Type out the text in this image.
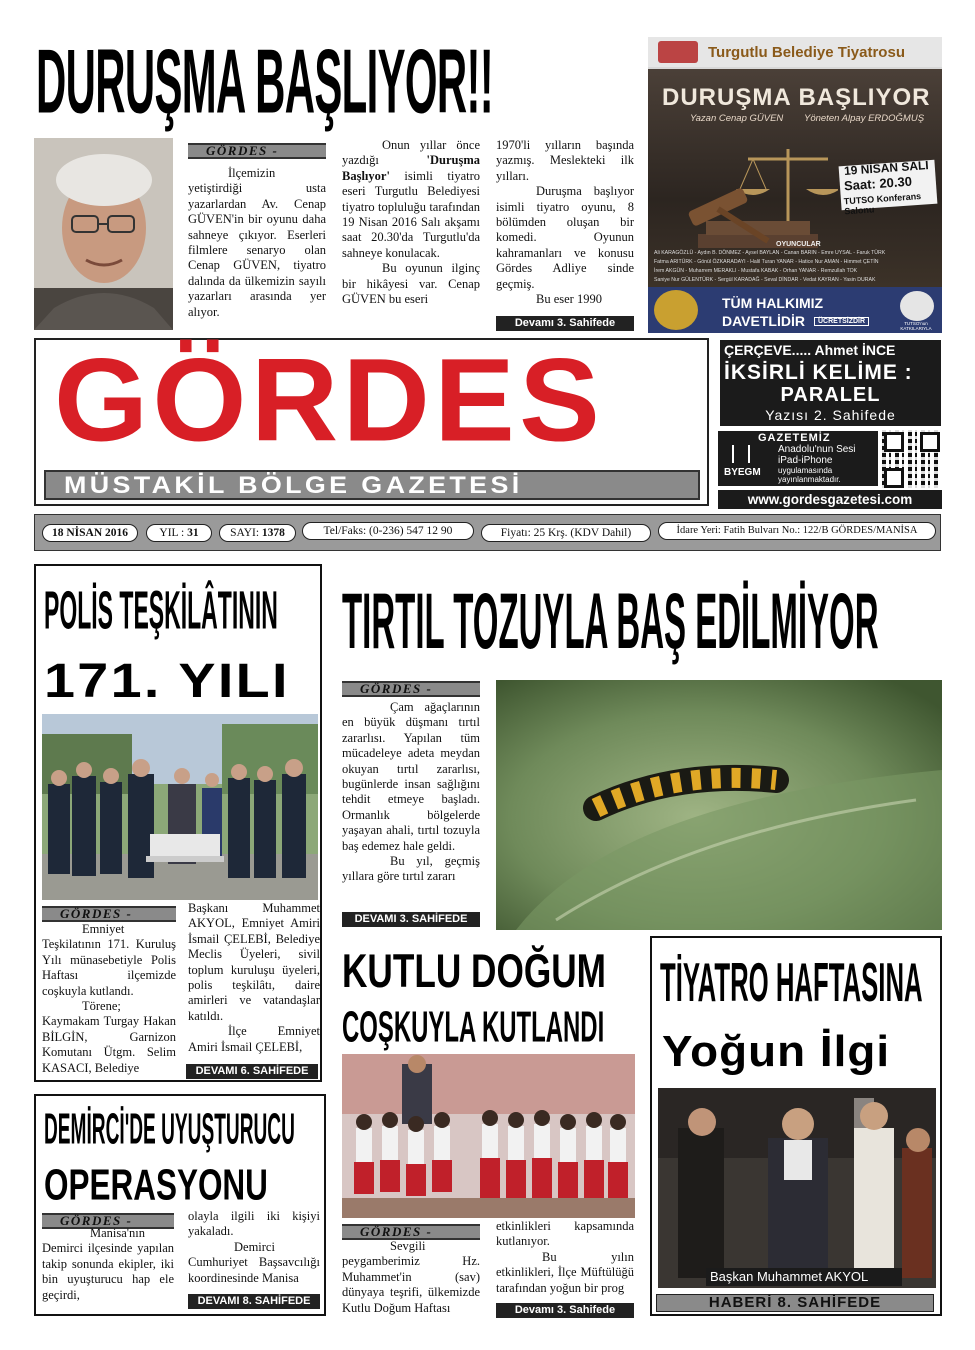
DURUŞMA BAŞLIYOR!!
GÖRDES -

İlçemizin yetiştirdiği usta yazarlardan Av. Cenap GÜVEN'in bir oyunu daha sahneye çıkıyor. Eserleri filmlere senaryo olan Cenap GÜVEN, tiyatro dalında da ülkemizin sayılı yazarları arasında yer alıyor.

Onun yıllar önce yazdığı	'Duruşma Başlıyor' isimli tiyatro eseri Turgutlu Belediyesi tiyatro topluluğu tarafından 19 Nisan 2016 Salı akşamı saat 20.30'da Turgutlu'da sahneye konulacak.

Bu oyunun ilginç bir hikâyesi var. Cenap GÜVEN bu eseri

1970'li yılların başında yazmış. Meslekteki ilk yılları.

Duruşma başlıyor isimli tiyatro oyunu, 8 bölümden oluşan bir komedi. Oyunun kahramanları ve konusu Gördes Adliye sinde geçmiş.

Bu eser 1990

Devamı 3. Sahifede
Turgutlu Belediye Tiyatrosu
DURUŞMA BAŞLIYOR
Yazan Cenap GÜVEN Yöneten Alpay ERDOĞMUŞ
19 NİSAN SALI
Saat: 20.30
TUTSO Konferans Salonu
OYUNCULAR
Ali KARAGÖZLÜ - Aydın B. DÖNMEZ - Aysel BAYLAN - Canan BARIN - Emre UYSAL - Faruk TÜRK
Fatma ARITÜRK - Gönül ÖZKARADAYI - Halil Turan YANAR - Hatice Nur AMAN - Himmet ÇETİN
İrem AKGÜN - Muharrem MERAKLI - Mustafa KABAK - Orhan YANAR - Remzullah TOK
Saniye Nur GÜLENTÜRK - Sergül KARADAĞ - Seval DİNDAR - Vedat KAYRAN - Yasin DURAK
TÜM HALKIMIZ
DAVETLİDİR	ÜCRETSİZDİR	TUTSO'nun KATKILARIYLA
GÖRDES
MÜSTAKİL BÖLGE GAZETESİ
ÇERÇEVE..... Ahmet İNCE
İKSİRLİ KELİME :
PARALEL
Yazısı 2. Sahifede
GAZETEMİZ
BYEGM
Anadolu'nun Sesi
iPad-iPhone
uygulamasında
yayınlanmaktadır.
www.gordesgazetesi.com
18 NİSAN 2016	YIL : 31	SAYI: 1378	Tel/Faks: (0-236) 547 12 90	Fiyatı: 25 Krş. (KDV Dahil)	İdare Yeri: Fatih Bulvarı No.: 122/B GÖRDES/MANİSA
POLİS TEŞKİLÂTININ
171. YILI
GÖRDES -

Emniyet Teşkilatının 171. Kuruluş Yılı münasebetiyle Polis Haftası ilçemizde coşkuyla kutlandı.

Törene; Kaymakam Turgay Hakan BİLGİN, Garnizon Komutanı Ütgm. Selim KASACI, Belediye

Başkanı Muhammet AKYOL, Emniyet Amiri İsmail ÇELEBİ, Belediye Meclis Üyeleri, sivil toplum kuruluşu üyeleri, polis teşkilâtı, daire amirleri ve vatandaşlar katıldı.

İlçe Emniyet Amiri İsmail ÇELEBİ,

DEVAMI 6. SAHİFEDE
TIRTIL TOZUYLA BAŞ EDİLMİYOR
GÖRDES -

Çam ağaçlarının en büyük düşmanı tırtıl zararlısı. Yapılan tüm mücadeleye adeta meydan okuyan tırtıl zararlısı, bugünlerde insan sağlığını tehdit etmeye başladı. Ormanlık bölgelerde yaşayan ahali, tırtıl tozuyla baş edemez hale geldi.

Bu yıl, geçmiş yıllara göre tırtıl zararı

DEVAMI 3. SAHİFEDE
KUTLU DOĞUM
COŞKUYLA KUTLANDI
GÖRDES -

Sevgili peygamberimiz Hz. Muhammet'in (sav) dünyaya teşrifi, ülkemizde Kutlu Doğum Haftası

etkinlikleri kapsamında kutlanıyor.

Bu yılın etkinlikleri, İlçe Müftülüğü tarafından yoğun bir prog

Devamı 3. Sahifede
TİYATRO HAFTASINA
Yoğun İlgi
Başkan Muhammet AKYOL
HABERİ 8. SAHİFEDE
DEMİRCİ'DE UYUŞTURUCU
OPERASYONU
GÖRDES -

Manisa'nın Demirci ilçesinde yapılan takip sonunda ekipler, iki bin uyuşturucu hap ele geçirdi,

olayla ilgili iki kişiyi yakaladı.

Demirci Cumhuriyet Başsavcılığı koordinesinde Manisa

DEVAMI 8. SAHİFEDE
